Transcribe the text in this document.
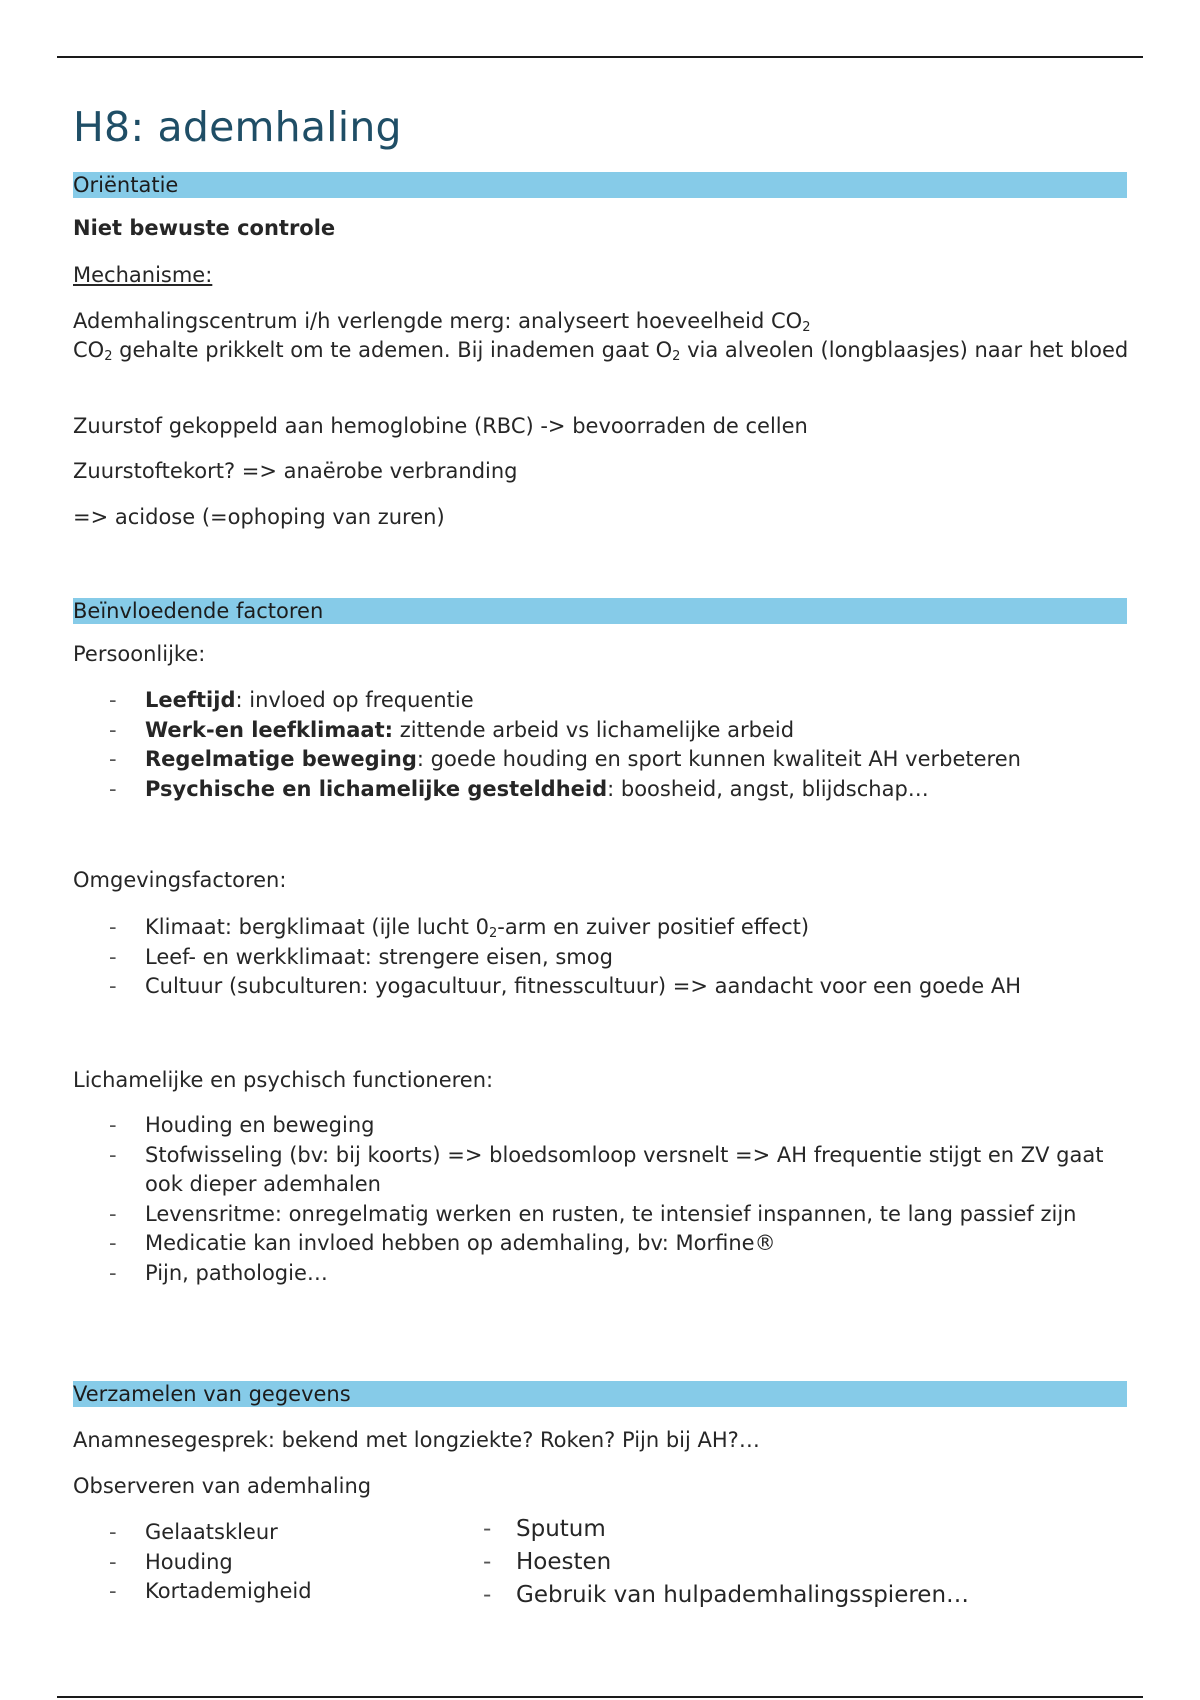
H8: ademhaling
Oriëntatie

Niet bewuste controle

Mechanisme:

Ademhalingscentrum i/h verlengde merg: analyseert hoeveelheid $CO_2$
$CO_2$ gehalte prikkelt om te ademen. Bij inademen gaat $O_2$ via alveolen (longblaasjes) naar het bloed

Zuurstof gekoppeld aan hemoglobine (RBC) -> bevoorraden de cellen

Zuurstoftekort? => anaërobe verbranding

=> acidose (=ophoping van zuren)

Beïnvloedende factoren

Persoonlijke:

- Leeftijd: invloed op frequentie
- Werk-en leefklimaat: zittende arbeid vs lichamelijke arbeid
- Regelmatige beweging: goede houding en sport kunnen kwaliteit AH verbeteren
- Psychische en lichamelijke gesteldheid: boosheid, angst, blijdschap…

Omgevingsfactoren:

- Klimaat: bergklimaat (ijle lucht $0_2$-arm en zuiver positief effect)
- Leef- en werkklimaat: strengere eisen, smog
- Cultuur (subculturen: yogacultuur, fitnesscultuur) => aandacht voor een goede AH

Lichamelijke en psychisch functioneren:

- Houding en beweging
- Stofwisseling (bv: bij koorts) => bloedsomloop versnelt => AH frequentie stijgt en ZV gaat ook dieper ademhalen
- Levensritme: onregelmatig werken en rusten, te intensief inspannen, te lang passief zijn
- Medicatie kan invloed hebben op ademhaling, bv: Morfine®
- Pijn, pathologie…
Verzamelen van gegevens

Anamnesegesprek: bekend met longziekte? Roken? Pijn bij AH?…

Observeren van ademhaling

- Gelaatskleur
- Houding
- Kortademigheid
- Sputum
- Hoesten
- Gebruik van hulpademhalingsspieren…
